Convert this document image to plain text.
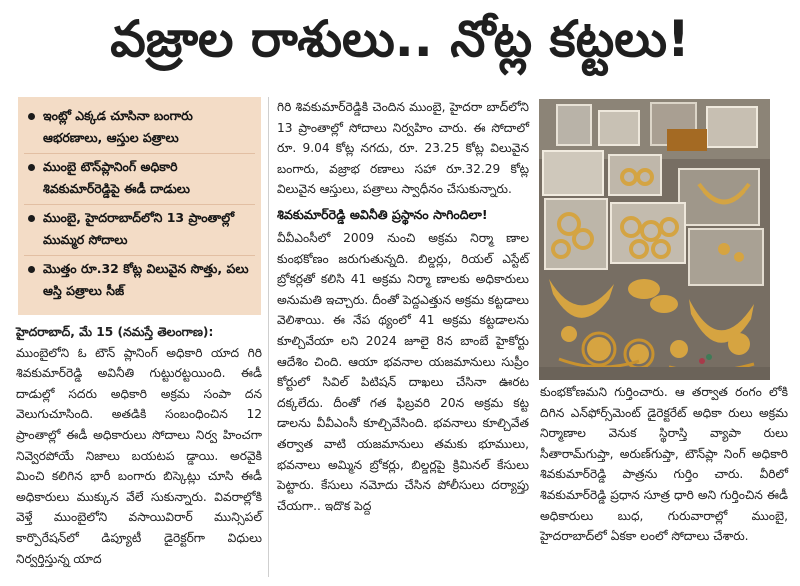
వజ్రాల రాశులు.. నోట్ల కట్టలు!
ఇంట్లో ఎక్కడ చూసినా బంగారు ఆభరణాలు, ఆస్తుల పత్రాలు
ముంబై టౌన్‌ప్లానింగ్ అధికారి శివకుమార్‌రెడ్డిపై ఈడీ దాడులు
ముంబై, హైదరాబాద్‌లోని 13 ప్రాంతాల్లో ముమ్మర సోదాలు
మొత్తం రూ.32 కోట్ల విలువైన సొత్తు, పలు ఆస్తి పత్రాలు సీజ్

హైదరాబాద్, మే 15 (నమస్తే తెలంగాణ):

ముంబైలోని ఓ టౌన్ ప్లానింగ్ అధికారి యాద గిరి శివకుమార్‌రెడ్డి అవినీతి గుట్టురట్టయింది. ఈడీ దాడుల్లో సదరు అధికారి అక్రమ సంపా దన వెలుగుచూసింది. అతడికి సంబంధించిన 12 ప్రాంతాల్లో ఈడీ అధికారులు సోదాలు నిర్వ హించగా నివ్వెరపోయే నిజాలు బయటప డ్డాయి. అరవైకి మించి కలిగిన భారీ బంగారు బిస్కెట్లు చూసి ఈడీ అధికారులు ముక్కున వేలే సుకున్నారు. వివరాల్లోకి వెళ్తే ముంబైలోని వసాయివిరార్ మున్సిపల్ కార్పొరేషన్‌లో డిప్యూటీ డైరెక్టర్‌గా విధులు నిర్వర్తిస్తున్న యాద

గిరి శివకుమార్‌రెడ్డికి చెందిన ముంబై, హైదరా బాద్‌లోని 13 ప్రాంతాల్లో సోదాలు నిర్వహిం చారు. ఈ సోదాలో రూ. 9.04 కోట్ల నగదు, రూ. 23.25 కోట్ల విలువైన బంగారు, వజ్రాభ రణాలు సహా రూ.32.29 కోట్ల విలువైన ఆస్తులు, పత్రాలు స్వాధీనం చేసుకున్నారు.

శివకుమార్‌రెడ్డి అవినీతి ప్రస్థానం సాగిందిలా!

వీవీఎంసీలో 2009 నుంచి అక్రమ నిర్మా ణాల కుంభకోణం జరుగుతున్నది. బిల్డర్లు, రియల్ ఎస్టేట్ బ్రోకర్లతో కలిసి 41 అక్రమ నిర్మా ణాలకు అధికారులు అనుమతి ఇచ్చారు. దీంతో పెద్దఎత్తున అక్రమ కట్టడాలు వెలిశాయి. ఈ నేప థ్యంలో 41 అక్రమ కట్టడాలను కూల్చివేయా లని 2024 జూలై 8న బాంబే హైకోర్టు ఆదేశిం చింది. ఆయా భవనాల యజమానులు సుప్రీం కోర్టులో సివిల్ పిటిషన్ దాఖలు చేసినా ఊరట దక్కలేదు. దీంతో గత ఫిబ్రవరి 20న అక్రమ కట్ట డాలను వీవీఎంసీ కూల్చివేసింది. భవనాలు కూల్చివేత తర్వాత వాటి యజమానులు తమకు భూములు, భవనాలు అమ్మిన బ్రోకర్లు, బిల్డర్లపై క్రిమినల్ కేసులు పెట్టారు. కేసులు నమోదు చేసిన పోలీసులు దర్యాప్తు చేయగా.. ఇదొక పెద్ద

కుంభకోణమని గుర్తించారు. ఆ తర్వాత రంగం లోకి దిగిన ఎన్‌ఫోర్స్‌మెంట్ డైరెక్టరేట్ అధికా రులు అక్రమ నిర్మాణాల వెనుక స్థిరాస్తి వ్యాపా రులు సీతారామ్‌గుప్తా, అరుణ్‌గుప్తా, టౌన్‌ప్లా నింగ్ అధికారి శివకుమార్‌రెడ్డి పాత్రను గుర్తిం చారు. వీరిలో శివకుమార్‌రెడ్డి ప్రధాన సూత్ర ధారి అని గుర్తించిన ఈడీ అధికారులు బుధ, గురువారాల్లో ముంబై, హైదరాబాద్‌లో ఏకకా లంలో సోదాలు చేశారు.
